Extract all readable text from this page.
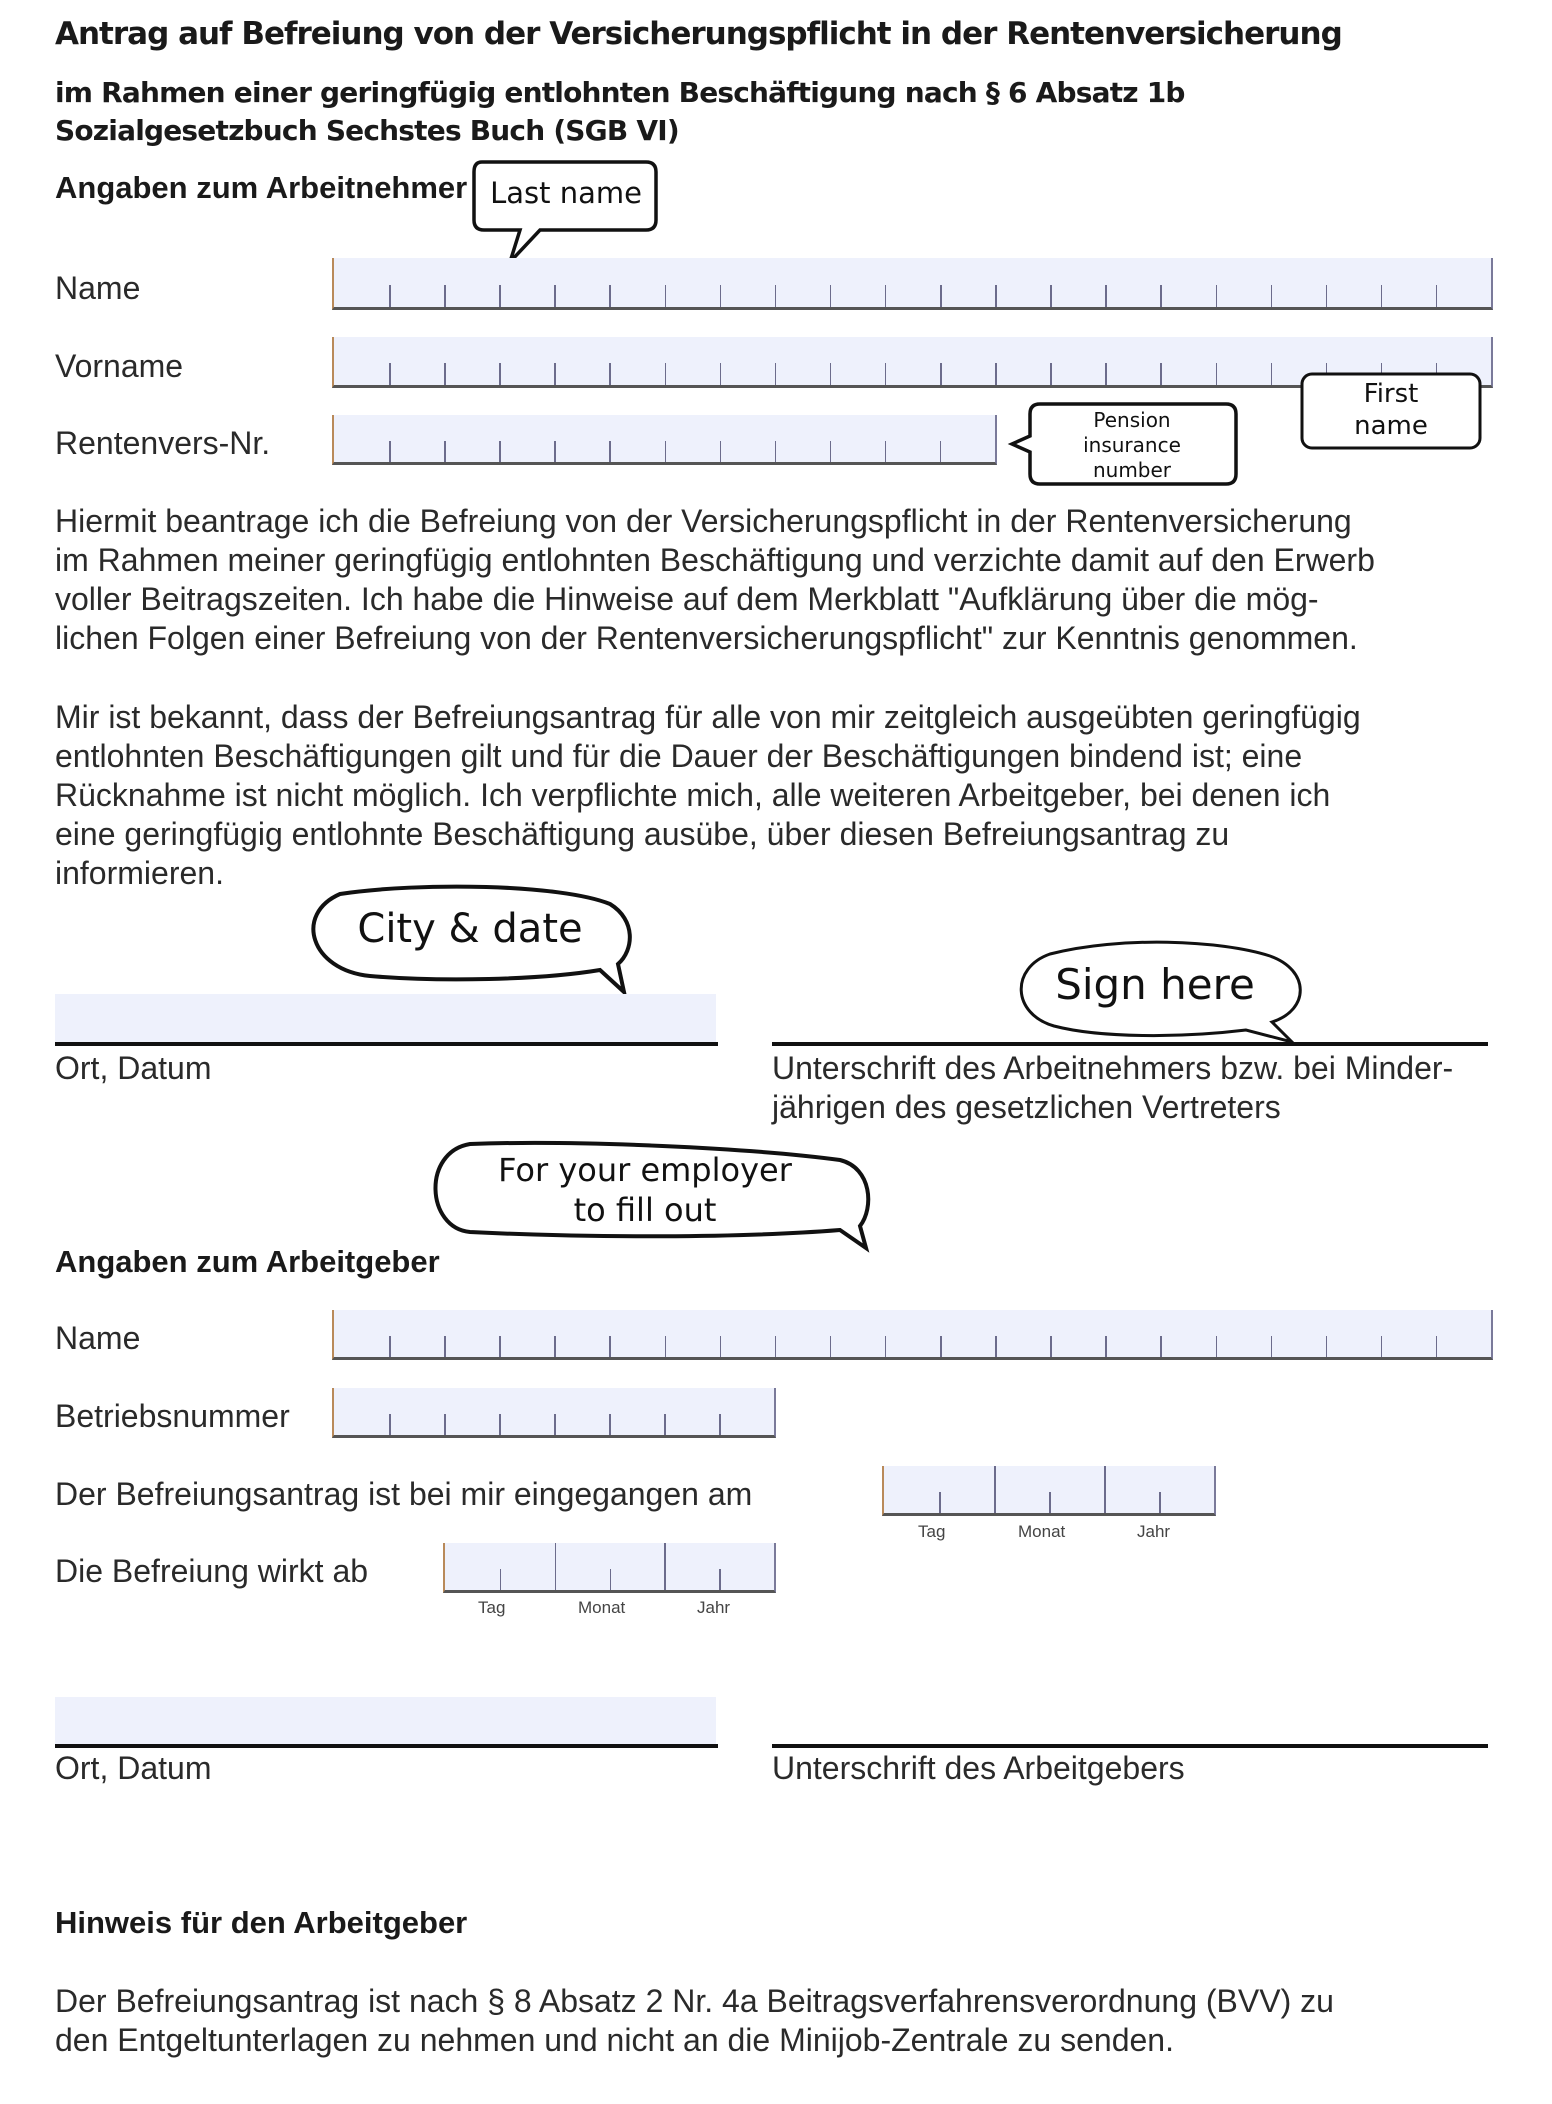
Antrag auf Befreiung von der Versicherungspflicht in der Rentenversicherung
im Rahmen einer geringfügig entlohnten Beschäftigung nach § 6 Absatz 1b
Sozialgesetzbuch Sechstes Buch (SGB VI)
Angaben zum Arbeitnehmer Last name
Name
Vorname
First
name
Rentenvers-Nr.
Pension
insurance
number
Hiermit beantrage ich die Befreiung von der Versicherungspflicht in der Rentenversicherung
im Rahmen meiner geringfügig entlohnten Beschäftigung und verzichte damit auf den Erwerb
voller Beitragszeiten. Ich habe die Hinweise auf dem Merkblatt "Aufklärung über die mög-
lichen Folgen einer Befreiung von der Rentenversicherungspflicht" zur Kenntnis genommen.
Mir ist bekannt, dass der Befreiungsantrag für alle von mir zeitgleich ausgeübten geringfügig
entlohnten Beschäftigungen gilt und für die Dauer der Beschäftigungen bindend ist; eine
Rücknahme ist nicht möglich. Ich verpflichte mich, alle weiteren Arbeitgeber, bei denen ich
eine geringfügig entlohnte Beschäftigung ausübe, über diesen Befreiungsantrag zu
informieren.
City & date
Sign here
Ort, Datum	Unterschrift des Arbeitnehmers bzw. bei Minder-
jährigen des gesetzlichen Vertreters
For your employer
to fill out
Angaben zum Arbeitgeber
Name
Betriebsnummer
Der Befreiungsantrag ist bei mir eingegangen am
Tag	Monat	Jahr
Die Befreiung wirkt ab
Tag	Monat	Jahr
Ort, Datum	Unterschrift des Arbeitgebers
Hinweis für den Arbeitgeber
Der Befreiungsantrag ist nach § 8 Absatz 2 Nr. 4a Beitragsverfahrensverordnung (BVV) zu
den Entgeltunterlagen zu nehmen und nicht an die Minijob-Zentrale zu senden.
